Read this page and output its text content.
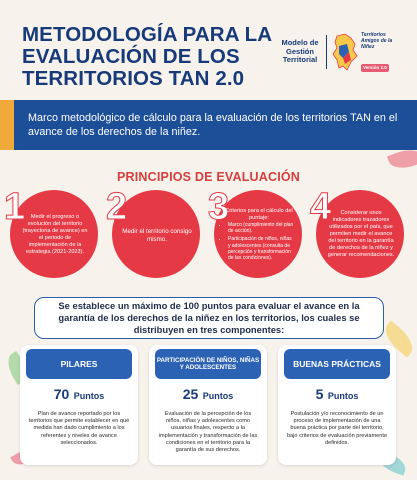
METODOLOGÍA PARA LA EVALUACIÓN DE LOS TERRITORIOS TAN 2.0
Modelo de Gestión Territorial
Territorios Amigos de la Niñez
Versión 2.0

Marco metodológico de cálculo para la evaluación de los territorios TAN en el avance de los derechos de la niñez.

PRINCIPIOS DE EVALUACIÓN
1	Medir el progreso o evolución del territorio (trayectoria de avance) en el periodo de implementación de la estrategia (2021-2023).

2

Medir el territorio consigo mismo.

3

Criterios para el cálculo del puntaje:

• Marco (cumplimiento del plan de acción).
• Participación de niños, niñas y adolescentes (consulta de percepción y transformación de las condiciones).
4	Considerar unos indicadores trazadores utilizados por el país, que permiten medir el avance del territorio en la garantía de derechos de la niñez y generar recomendaciones.

Se establece un máximo de 100 puntos para evaluar el avance en la garantía de los derechos de la niñez en los territorios, los cuales se distribuyen en tres componentes:
PILARES
70 Puntos

Plan de avance reportado por los territorios que permite establecer en qué medida han dado cumplimiento a los referentes y niveles de avance seleccionados.

PARTICIPACIÓN DE NIÑOS, NIÑAS Y ADOLESCENTES
25 Puntos

Evaluación de la percepción de los niños, niñas y adolescentes como usuarios finales, respecto a la implementación y transformación de las condiciones en el territorio para la garantía de sus derechos.

BUENAS PRÁCTICAS
5 Puntos

Postulación y/o reconocimiento de un proceso de implementación de una buena práctica por parte del territorio, bajo criterios de evaluación previamente definidos.
